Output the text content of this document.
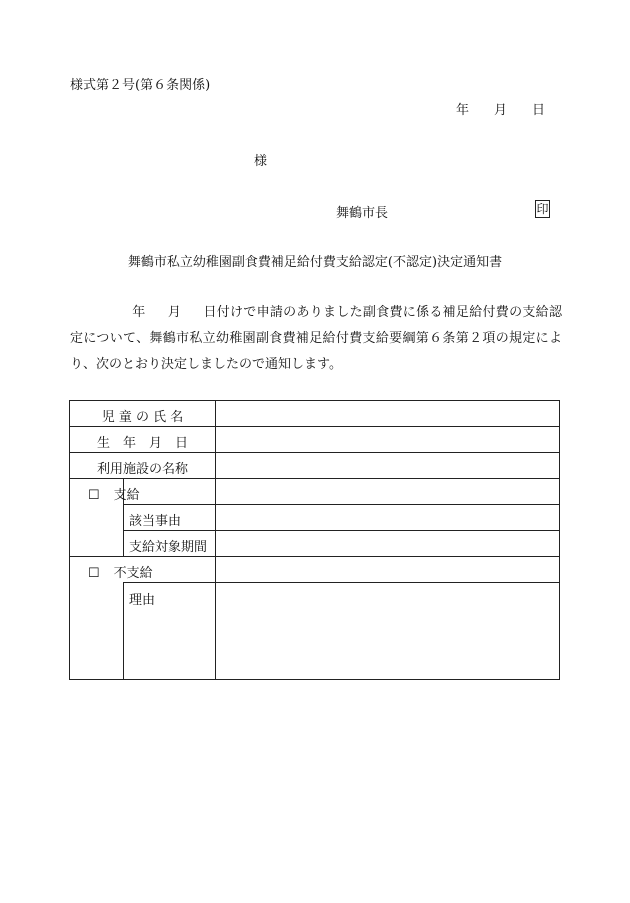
様式第２号(第６条関係)
年 月 日
様
舞鶴市長	印
舞鶴市私立幼稚園副食費補足給付費支給認定(不認定)決定通知書
年 月 日付けで申請のありました副食費に係る補足給付費の支給認定について、舞鶴市私立幼稚園副食費補足給付費支給要綱第６条第２項の規定により、次のとおり決定しましたので通知します。
児 童 の 氏 名
生　年　月　日
利用施設の名称
☐ 支給
該当事由
支給対象期間
☐ 不支給
理由
